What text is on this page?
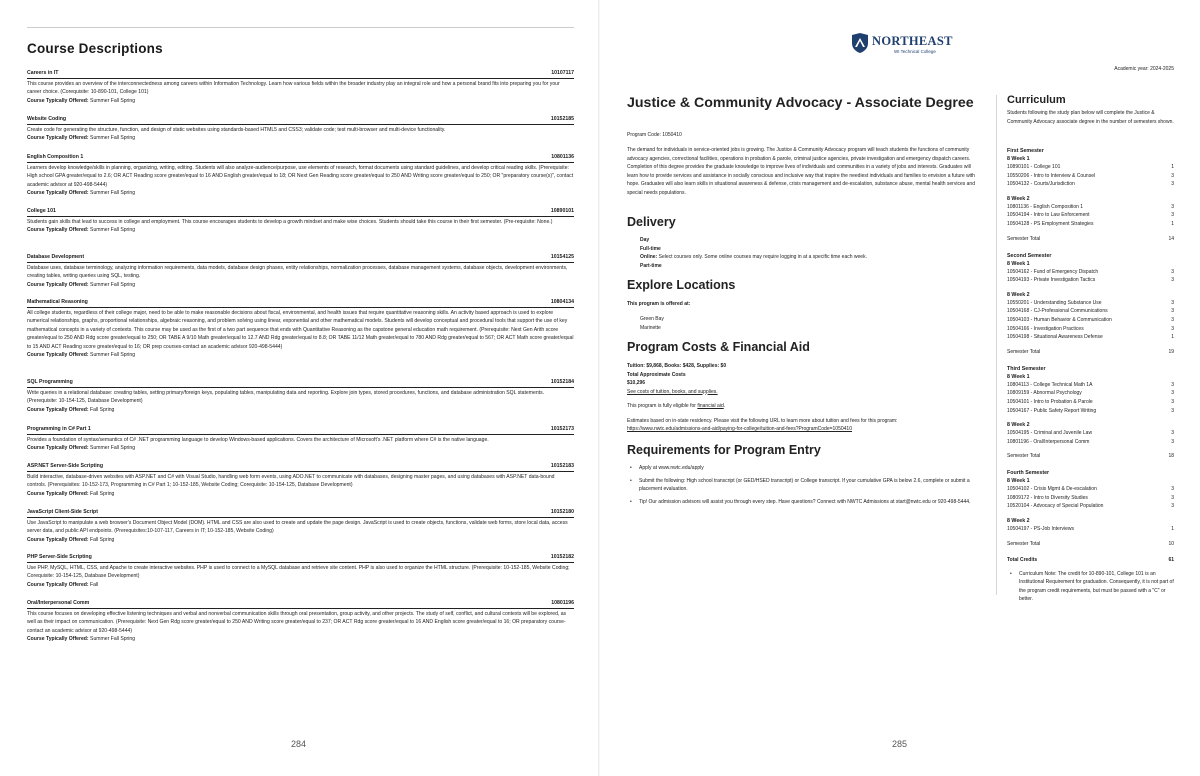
Course Descriptions
Careers in IT	10107117
This course provides an overview of the interconnectedness among careers within Information Technology. Learn how various fields within the broader industry play an integral role and how a personal brand fits into preparing you for your career choice. (Corequisite: 10-890-101, College 101)
Course Typically Offered: Summer Fall Spring
Website Coding	10152185
Create code for generating the structure, function, and design of static websites using standards-based HTML5 and CSS3; validate code; test multi-browser and multi-device functionality.
Course Typically Offered: Summer Fall Spring
English Composition 1	10801136
Learners develop knowledge/skills in planning, organizing, writing, editing. Students will also analyze-audience/purpose, use elements of research, format documents using standard guidelines, and develop critical reading skills. (Prerequisite: High school GPA greater/equal to 2.6; OR ACT Reading score greater/equal to 16 AND English greater/equal to 18; OR Next Gen Reading score greater/equal to 250 AND Writing score greater/equal to 250; OR "preparatory course(s)", contact academic advisor at 920-498-5444)
Course Typically Offered: Summer Fall Spring
College 101	10890101
Students gain skills that lead to success in college and employment. This course encourages students to develop a growth mindset and make wise choices. Students should take this course in their first semester. (Pre-requisite: None.)
Course Typically Offered: Summer Fall Spring
Database Development	10154125
Database uses, database terminology, analyzing information requirements, data models, database design phases, entity relationships, normalization processes, database management systems, database objects, development environments, creating tables, writing queries using SQL, testing.
Course Typically Offered: Summer Fall Spring
Mathematical Reasoning	10804134
All college students, regardless of their college major, need to be able to make reasonable decisions about fiscal, environmental, and health issues that require quantitative reasoning skills. An activity based approach is used to explore numerical relationships, graphs, proportional relationships, algebraic reasoning, and problem solving using linear, exponential and other mathematical models. Students will develop conceptual and procedural tools that support the use of key mathematical concepts in a variety of contexts. This course may be used as the first of a two part sequence that ends with Quantitative Reasoning as the capstone general education math requirement. (Prerequisite: Next Gen Arith score greater/equal to 250 AND Rdg score greater/equal to 250; OR TABE A 9/10 Math greater/equal to 12.7 AND Rdg greater/equal to 8.8; OR TABE 11/12 Math greater/equal to 780 AND Rdg greater/equal to 567; OR ACT Math score greater/equal to 15 AND ACT Reading score greater/equal to 16; OR prep courses-contact an academic advisor 920-498-5444)
Course Typically Offered: Summer Fall Spring
SQL Programming	10152184
Write queries in a relational database: creating tables, setting primary/foreign keys, populating tables, manipulating data and reporting. Explore join types, stored procedures, functions, and database administration SQL statements. (Prerequisite: 10-154-125, Database Development)
Course Typically Offered: Fall Spring
Programming in C# Part 1	10152173
Provides a foundation of syntax/semantics of C# .NET programming language to develop Windows-based applications. Covers the architecture of Microsoft's .NET platform where C# is the native language.
Course Typically Offered: Summer Fall Spring
ASP.NET Server-Side Scripting	10152183
Build interactive, database-driven websites with ASP.NET and C# with Visual Studio, handling web form events, using ADO.NET to communicate with databases, designing master pages, and using databases with ASP.NET data-bound controls. (Prerequisites: 10-152-173, Programming in C# Part 1; 10-152-185, Website Coding; Corequisite: 10-154-125, Database Development)
Course Typically Offered: Fall Spring
JavaScript Client-Side Script	10152180
Use JavaScript to manipulate a web browser's Document Object Model (DOM). HTML and CSS are also used to create and update the page design. JavaScript is used to create objects, functions, validate web forms, store local data, access server data, and public API endpoints. (Prerequisites:10-107-117, Careers in IT; 10-152-185, Website Coding)
Course Typically Offered: Fall Spring
PHP Server-Side Scripting	10152182
Use PHP, MySQL, HTML, CSS, and Apache to create interactive websites. PHP is used to connect to a MySQL database and retrieve site content. PHP is also used to organize the HTML structure. (Prerequisite: 10-152-185, Website Coding; Corequisite: 10-154-125, Database Development)
Course Typically Offered: Fall
Oral/Interpersonal Comm	10801196
This course focuses on developing effective listening techniques and verbal and nonverbal communication skills through oral presentation, group activity, and other projects. The study of self, conflict, and cultural contexts will be explored, as well as their impact on communication. (Prerequisite: Next Gen Rdg score greater/equal to 250 AND Writing score greater/equal to 237; OR ACT Rdg score greater/equal to 16 AND English score greater/equal to 16; OR preparatory course-contact an academic advisor at 920-498-5444)
Course Typically Offered: Summer Fall Spring
284
NORTHEAST
WI Technical College
Academic year: 2024-2025
Justice & Community Advocacy - Associate Degree
Program Code: 1050410
The demand for individuals in service-oriented jobs is growing. The Justice & Community Advocacy program will teach students the functions of community advocacy agencies, correctional facilities, operations in probation & parole, criminal justice agencies, private investigation and emergency dispatch careers. Completion of this degree provides the graduate knowledge to improve lives of individuals and communities in a variety of jobs and interests. Graduates will learn how to provide services and assistance in socially conscious and inclusive way that inspire the neediest individuals and families to envision a future with hope. Graduates will also learn skills in situational awareness & defense, crisis management and de-escalation, substance abuse, mental health services and special needs populations.
Delivery
Day
Full-time
Online: Select courses only. Some online courses may require logging in at a specific time each week.
Part-time
Explore Locations
This program is offered at:
Green Bay
Marinette
Program Costs & Financial Aid
Tuition: $9,868, Books: $428, Supplies: $0
Total Approximate Costs
$10,296
See costs of tuition, books, and supplies.
This program is fully eligible for financial aid.
Estimates based on in-state residency. Please visit the following URL to learn more about tuition and fees for this program:
https://www.nwtc.edu/admissions-and-aid/paying-for-college/tuition-and-fees?ProgramCode=1050410
Requirements for Program Entry
• Apply at www.nwtc.edu/apply
• Submit the following: High school transcript (or GED/HSED transcript) or College transcript. If your cumulative GPA is below 2.6, complete or submit a placement evaluation.
• Tip! Our admission advisors will assist you through every step. Have questions? Connect with NWTC Admissions at start@nwtc.edu or 920-498-5444.
Curriculum
Students following the study plan below will complete the Justice & Community Advocacy associate degree in the number of semesters shown.
First Semester
8 Week 1
10890101 - College 101	1
10550206 - Intro to Interview & Counsel	3
10504132 - Courts/Jurisdiction	3
8 Week 2
10801136 - English Composition 1	3
10504194 - Intro to Law Enforcement	3
10504128 - PS Employment Strategies	1
Semester Total	14
Second Semester
8 Week 1
10504162 - Fund of Emergency Dispatch	3
10504193 - Private Investigation Tactics	3
8 Week 2
10550201 - Understanding Substance Use	3
10504168 - CJ-Professional Communications	3
10504103 - Human Behavior & Communication	3
10504166 - Investigation Practices	3
10504198 - Situational Awareness Defense	1
Semester Total	19
Third Semester
8 Week 1
10804113 - College Technical Math 1A	3
10809159 - Abnormal Psychology	3
10504101 - Intro to Probation & Parole	3
10504167 - Public Safety Report Writing	3
8 Week 2
10504195 - Criminal and Juvenile Law	3
10801196 - Oral/Interpersonal Comm	3
Semester Total	18
Fourth Semester
8 Week 1
10504102 - Crisis Mgmt & De-escalation	3
10809172 - Intro to Diversity Studies	3
10520104 - Advocacy of Special Population	3
8 Week 2
10504197 - PS-Job Interviews	1
Semester Total	10
Total Credits	61
• Curriculum Note: The credit for 10-890-101, College 101 is an Institutional Requirement for graduation. Consequently, it is not part of the program credit requirements, but must be passed with a "C" or better.
285
